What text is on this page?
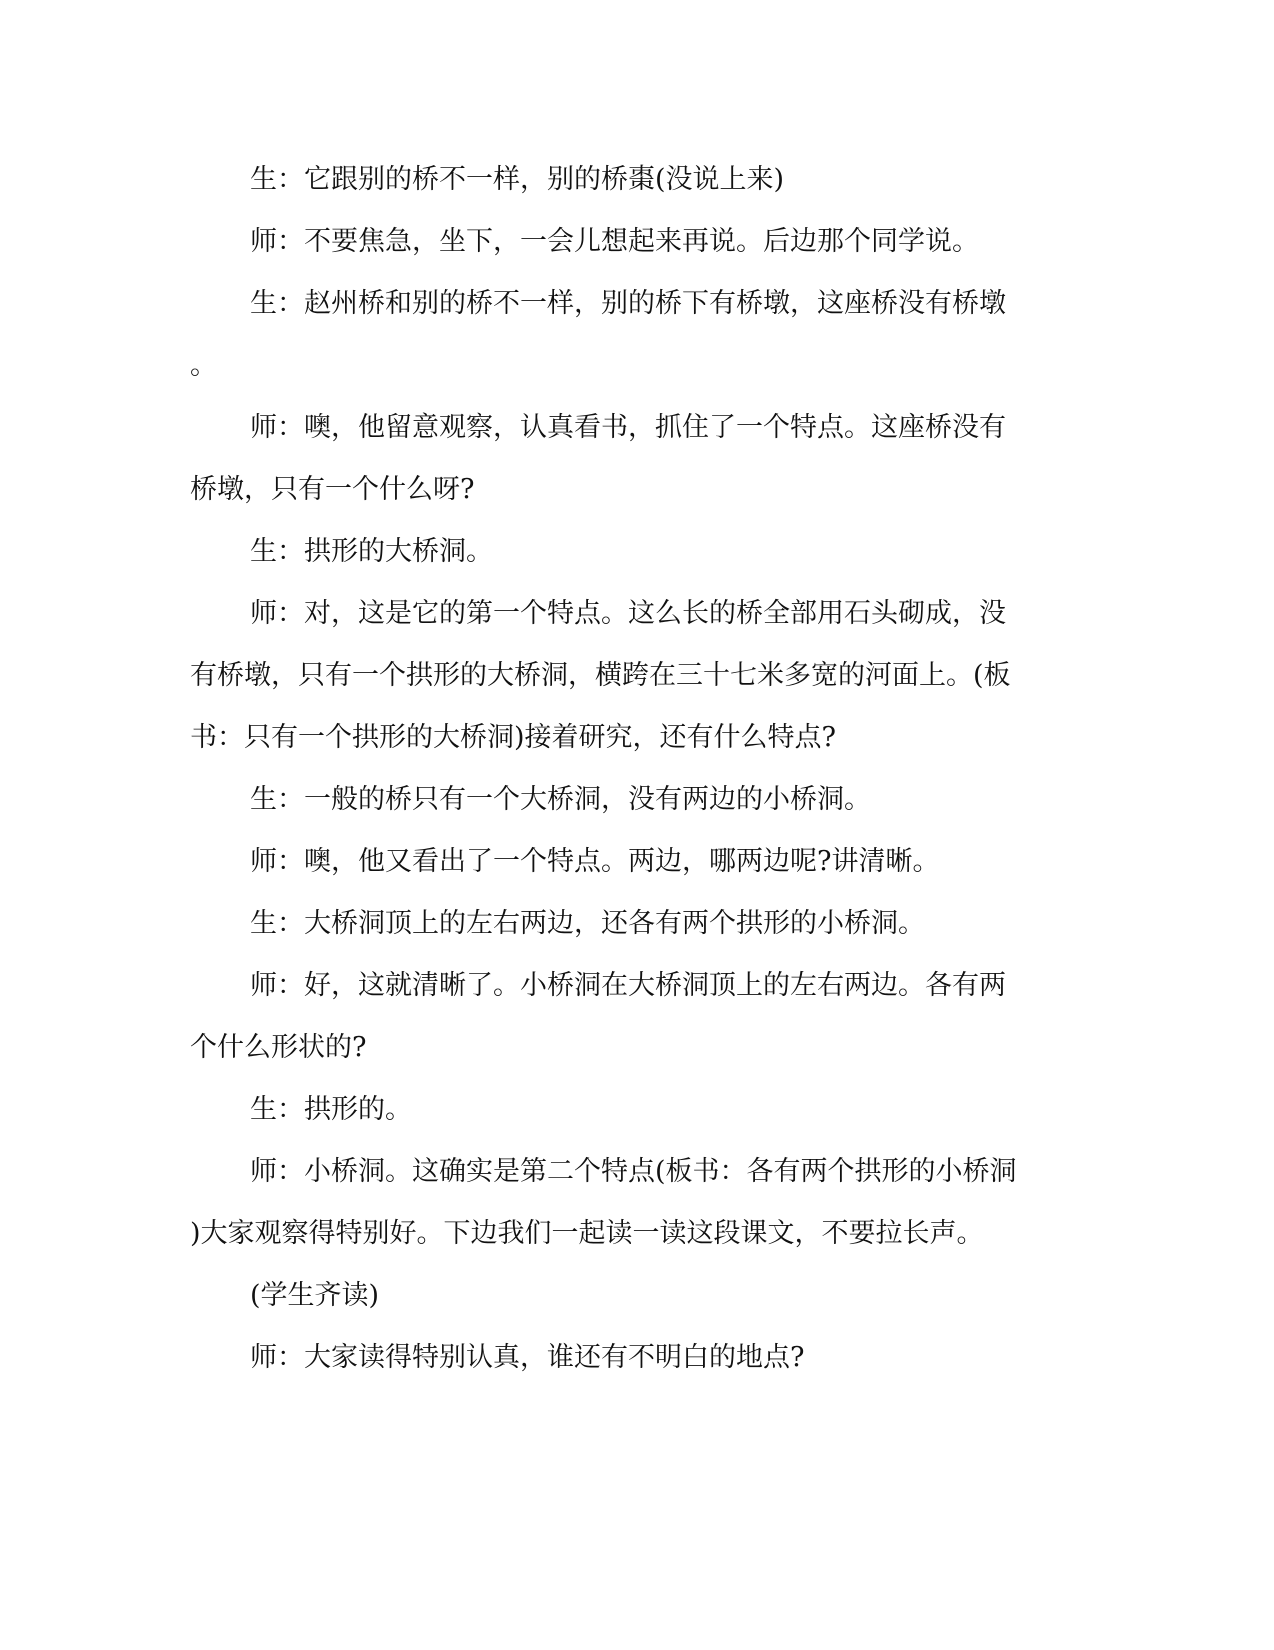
生：它跟别的桥不一样，别的桥棗(没说上来)
师：不要焦急，坐下，一会儿想起来再说。后边那个同学说。
生：赵州桥和别的桥不一样，别的桥下有桥墩，这座桥没有桥墩
。
师：噢，他留意观察，认真看书，抓住了一个特点。这座桥没有
桥墩，只有一个什么呀?
生：拱形的大桥洞。
师：对，这是它的第一个特点。这么长的桥全部用石头砌成，没
有桥墩，只有一个拱形的大桥洞，横跨在三十七米多宽的河面上。(板
书：只有一个拱形的大桥洞)接着研究，还有什么特点?
生：一般的桥只有一个大桥洞，没有两边的小桥洞。
师：噢，他又看出了一个特点。两边，哪两边呢?讲清晰。
生：大桥洞顶上的左右两边，还各有两个拱形的小桥洞。
师：好，这就清晰了。小桥洞在大桥洞顶上的左右两边。各有两
个什么形状的?
生：拱形的。
师：小桥洞。这确实是第二个特点(板书：各有两个拱形的小桥洞
)大家观察得特别好。下边我们一起读一读这段课文，不要拉长声。
(学生齐读)
师：大家读得特别认真，谁还有不明白的地点?
